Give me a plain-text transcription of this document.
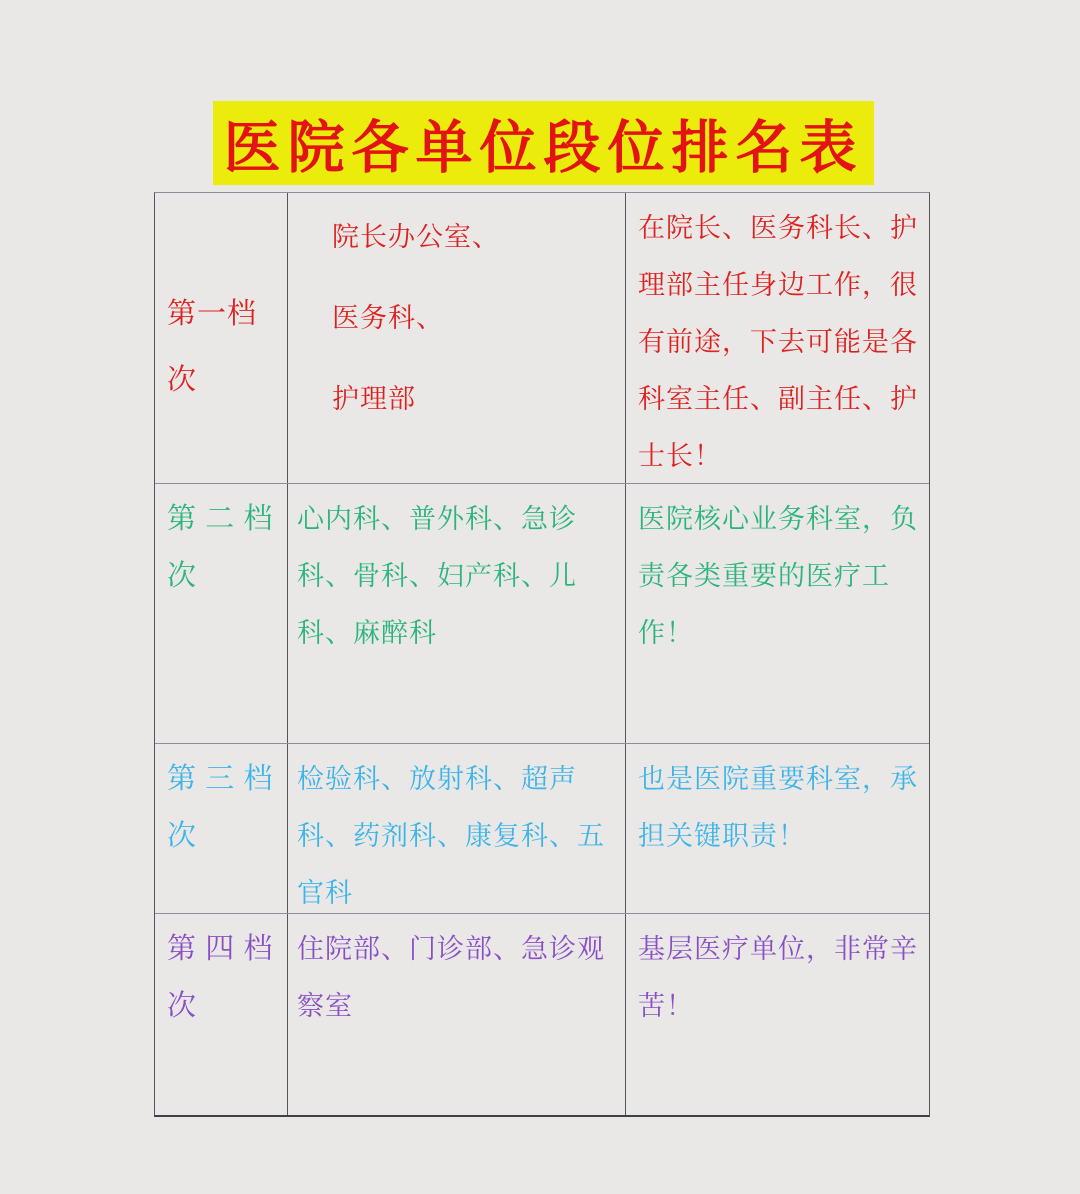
医院各单位段位排名表
第一档
次
院长办公室、
医务科、
护理部
在院长、医务科长、护理部主任身边工作，很有前途，下去可能是各科室主任、副主任、护士长！
第 二 档
次
心内科、普外科、急诊科、骨科、妇产科、儿科、麻醉科
医院核心业务科室，负责各类重要的医疗工作！
第 三 档
次
检验科、放射科、超声科、药剂科、康复科、五官科
也是医院重要科室，承担关键职责！
第 四 档
次
住院部、门诊部、急诊观察室
基层医疗单位，非常辛苦！
